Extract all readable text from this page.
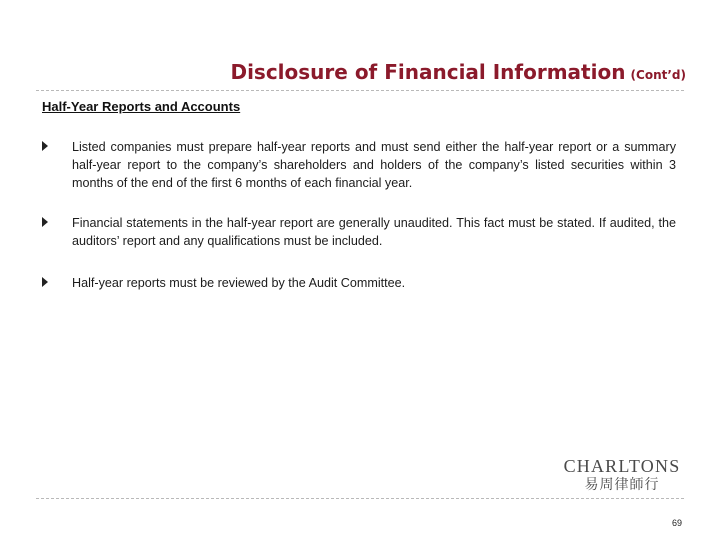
Disclosure of Financial Information (Cont’d)
Half-Year Reports and Accounts

Listed companies must prepare half-year reports and must send either the half-year report or a summary half-year report to the company’s shareholders and holders of the company’s listed securities within 3 months of the end of the first 6 months of each financial year.

Financial statements in the half-year report are generally unaudited. This fact must be stated. If audited, the auditors’ report and any qualifications must be included.

Half-year reports must be reviewed by the Audit Committee.

CHARLTONS
易周律師行
69
